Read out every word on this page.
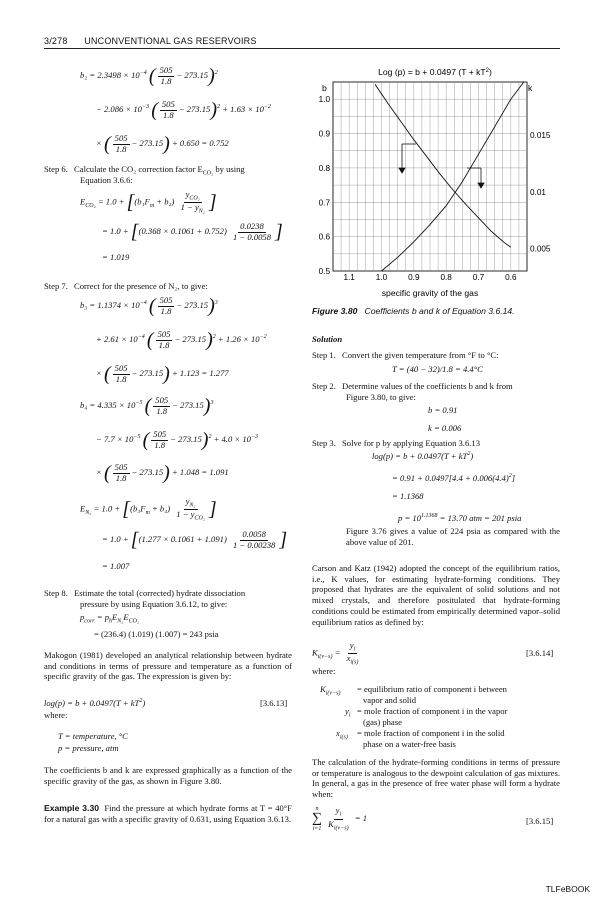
3/278 UNCONVENTIONAL GAS RESERVOIRS
$b_2 = 2.3498 \times 10^{-4}$ ( $\frac{505}{1.8} - 273.15)^2$
− $2.086 \times 10^{-3}$ ( $\frac{505}{1.8} - 273.15)^2 + 1.63 \times 10^{-2}$
× ( $\frac{505}{1.8} - 273.15) + 0.650 = 0.752$
Step 6. Calculate the CO₂ correction factor $E_{CO_2}$ by using
Equation 3.6.6:
$E_{CO_2} = 1.0 + [(b_1F_m + b_2) \frac{y_{CO_2}}{1 - y_{N_2}}$ ]
= $1.0 + [(0.368 \times 0.1061 + 0.752) \frac{0.0238}{1 - 0.0058}$ ]
= 1.019
Step 7. Correct for the presence of N₂, to give:
$b_3 = 1.1374 \times 10^{-4}$ ( $\frac{505}{1.8} - 273.15)^3$
+ $2.61 \times 10^{-4}$ ( $\frac{505}{1.8} - 273.15)^2 + 1.26 \times 10^{-2}$
× ( $\frac{505}{1.8} - 273.15) + 1.123 = 1.277$
$b_4 = 4.335 \times 10^{-5}$ ( $\frac{505}{1.8} - 273.15)^3$
− $7.7 \times 10^{-5}$ ( $\frac{505}{1.8} - 273.15)^2 + 4.0 \times 10^{-3}$
× ( $\frac{505}{1.8} - 273.15) + 1.048 = 1.091$
$E_{N_2} = 1.0 + [(b_3F_m + b_4) \frac{y_{N_2}}{1 - y_{CO_2}}$ ]
= $1.0 + [(1.277 \times 0.1061 + 1.091) \frac{0.0058}{1 - 0.00238}$ ]
= 1.007
Step 8. Estimate the total (corrected) hydrate dissociation
pressure by using Equation 3.6.12, to give:
$p_{corr} = p_hE_{N_2}E_{CO_2}$
= (236.4) (1.019) (1.007) = 243 psia
Makogon (1981) developed an analytical relationship between hydrate and conditions in terms of pressure and temperature as a function of specific gravity of the gas. The expression is given by:
$\log(p) = b + 0.0497(T + kT^2)$	[3.6.13]
where:
T = temperature, °C
p = pressure, atm
The coefficients b and k are expressed graphically as a function of the specific gravity of the gas, as shown in Figure 3.80.
Example 3.30 Find the pressure at which hydrate forms at T = 40°F for a natural gas with a specific gravity of 0.631, using Equation 3.6.13.
Log (p) = b + 0.0497 $(T + kT^2)$
b	k
1.1	1.0	0.9	0.8	0.7	0.6
0.5
0.6
0.7
0.8
0.9
1.0
0.005
0.01
0.015
specific gravity of the gas
Figure 3.80 Coefficients b and k of Equation 3.6.14.
Solution
Step 1. Convert the given temperature from °F to °C:
T = (40 − 32)/1.8 = 4.4°C
Step 2. Determine values of the coefficients b and k from
Figure 3.80, to give:
b = 0.91
k = 0.006
Step 3. Solve for p by applying Equation 3.6.13
$\log(p) = b + 0.0497(T + kT^2)$
= $0.91 + 0.0497[4.4 + 0.006(4.4)^2]$
= 1.1368
$p = 10^{1.1368} = 13.70$ atm = 201 psia
Figure 3.76 gives a value of 224 psia as compared with the above value of 201.
Carson and Katz (1942) adopted the concept of the equilibrium ratios, i.e., K values, for estimating hydrate-forming conditions. They proposed that hydrates are the equivalent of solid solutions and not mixed crystals, and therefore positulated that hydrate-forming conditions could be estimated from empirically determined vapor–solid equilibrium ratios as defined by:
$K_{i(v-s)} = \frac{y_i}{x_{i(s)}}$	[3.6.14]
where:
$K_{i(v-s)}$ = equilibrium ratio of component i between
vapor and solid
$y_i$ = mole fraction of component i in the vapor
(gas) phase
$x_{i(s)}$ = mole fraction of component i in the solid
phase on a water-free basis
The calculation of the hydrate-forming conditions in terms of pressure or temperature is analogous to the dewpoint calculation of gas mixtures. In general, a gas in the presence of free water phase will form a hydrate when:
n
∑
i=1
$\frac{y_i}{K_{i(v-s)}} = 1$	[3.6.15]
TLFeBOOK
